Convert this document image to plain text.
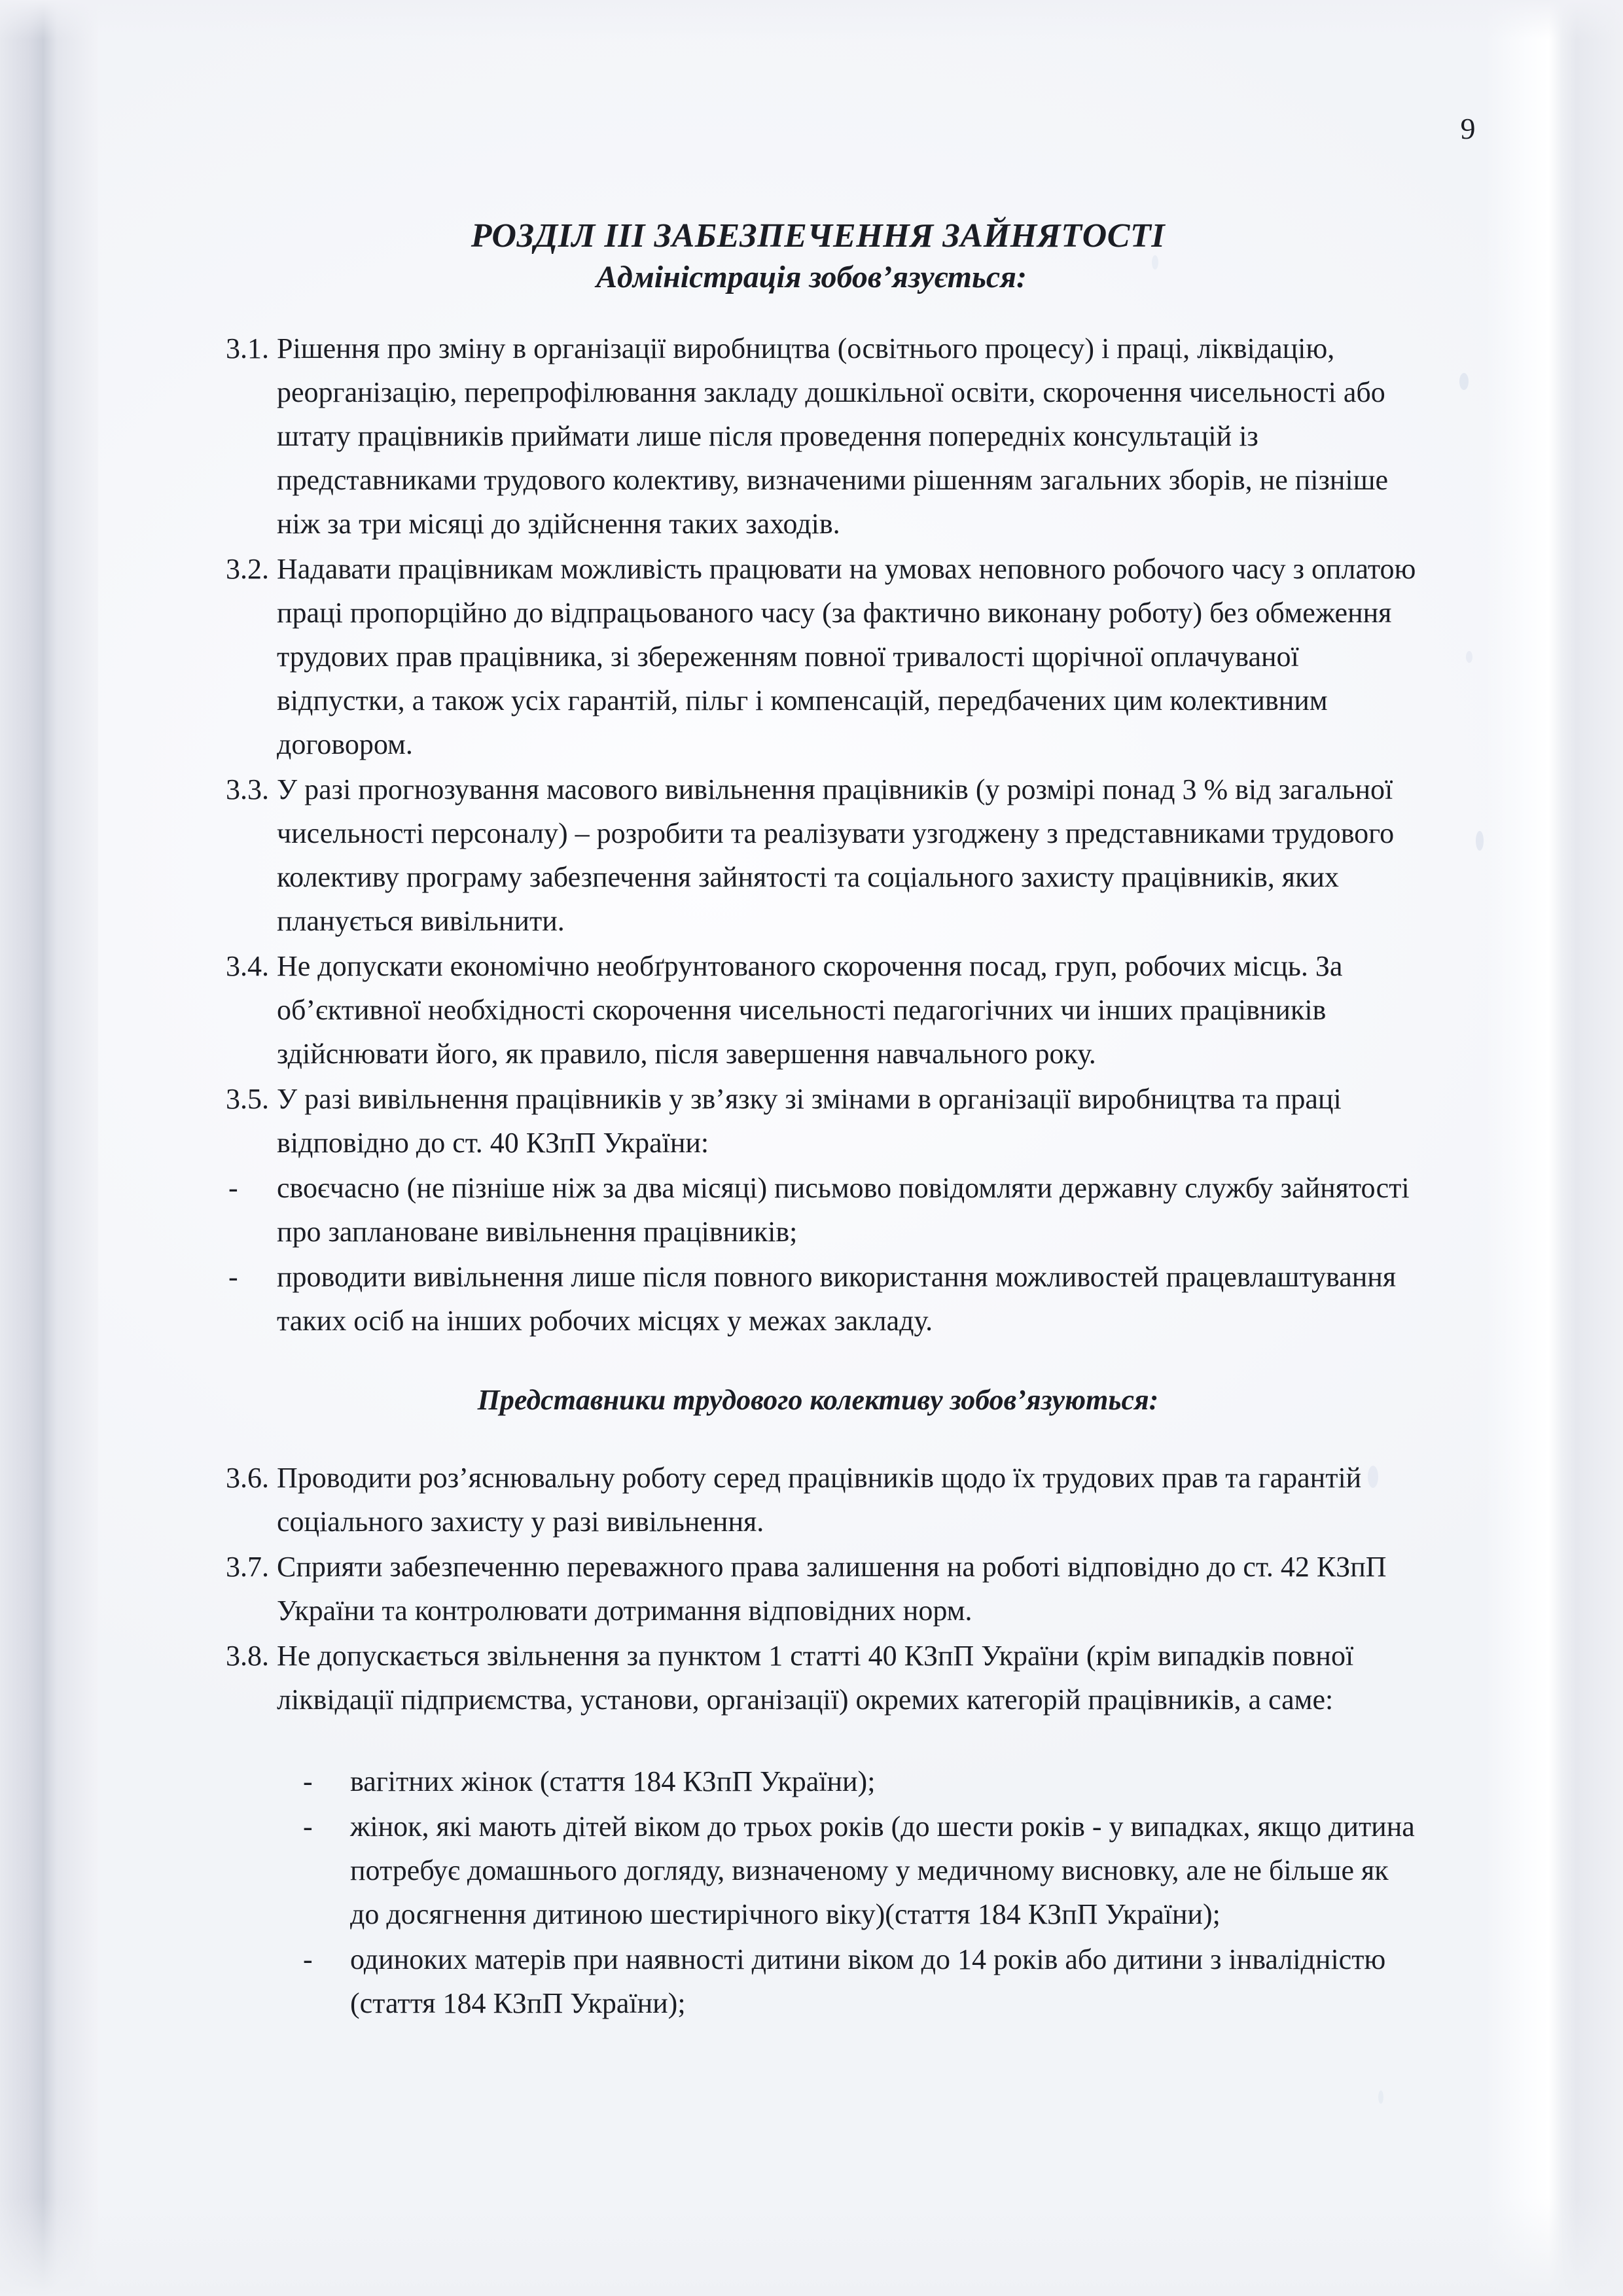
9
РОЗДІЛ III ЗАБЕЗПЕЧЕННЯ ЗАЙНЯТОСТІ
Адміністрація зобов’язується:

3.1. Рішення про зміну в організації виробництва (освітнього процесу) і праці, ліквідацію, реорганізацію, перепрофілювання закладу дошкільної освіти, скорочення чисельності або штату працівників приймати лише після проведення попередніх консультацій із представниками трудового колективу, визначеними рішенням загальних зборів, не пізніше ніж за три місяці до здійснення таких заходів.

3.2. Надавати працівникам можливість працювати на умовах неповного робочого часу з оплатою праці пропорційно до відпрацьованого часу (за фактично виконану роботу) без обмеження трудових прав працівника, зі збереженням повної тривалості щорічної оплачуваної відпустки, а також усіх гарантій, пільг і компенсацій, передбачених цим колективним договором.

3.3. У разі прогнозування масового вивільнення працівників (у розмірі понад 3 % від загальної чисельності персоналу) – розробити та реалізувати узгоджену з представниками трудового колективу програму забезпечення зайнятості та соціального захисту працівників, яких планується вивільнити.

3.4. Не допускати економічно необґрунтованого скорочення посад, груп, робочих місць. За об’єктивної необхідності скорочення чисельності педагогічних чи інших працівників здійснювати його, як правило, після завершення навчального року.

3.5. У разі вивільнення працівників у зв’язку зі змінами в організації виробництва та праці відповідно до ст. 40 КЗпП України:

- своєчасно (не пізніше ніж за два місяці) письмово повідомляти державну службу зайнятості про заплановане вивільнення працівників;

- проводити вивільнення лише після повного використання можливостей працевлаштування таких осіб на інших робочих місцях у межах закладу.

Представники трудового колективу зобов’язуються:

3.6. Проводити роз’яснювальну роботу серед працівників щодо їх трудових прав та гарантій соціального захисту у разі вивільнення.

3.7. Сприяти забезпеченню переважного права залишення на роботі відповідно до ст. 42 КЗпП України та контролювати дотримання відповідних норм.

3.8. Не допускається звільнення за пунктом 1 статті 40 КЗпП України (крім випадків повної ліквідації підприємства, установи, організації) окремих категорій працівників, а саме:

- вагітних жінок (стаття 184 КЗпП України);

- жінок, які мають дітей віком до трьох років (до шести років - у випадках, якщо дитина потребує домашнього догляду, визначеному у медичному висновку, але не більше як до досягнення дитиною шестирічного віку)(стаття 184 КЗпП України);

- одиноких матерів при наявності дитини віком до 14 років або дитини з інвалідністю (стаття 184 КЗпП України);
